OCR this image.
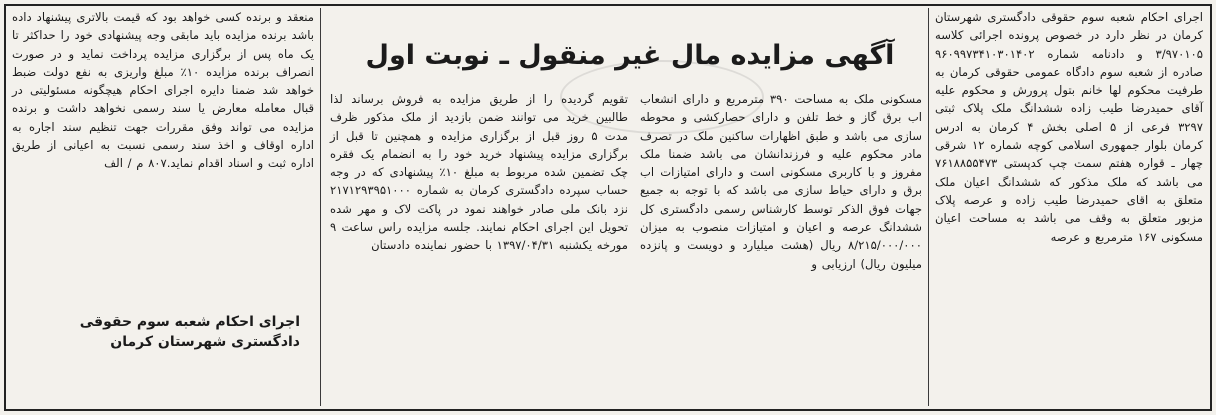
آگهی مزایده مال غیر منقول ـ نوبت اول

اجرای احکام شعبه سوم حقوقی دادگستری شهرستان کرمان در نظر دارد در خصوص پرونده اجرائی کلاسه ۳/۹۷۰۱۰۵ و دادنامه شماره ۹۶۰۹۹۷۳۴۱۰۳۰۱۴۰۲ صادره از شعبه سوم دادگاه عمومی حقوقی کرمان به طرفیت محکوم لها خانم بتول پرورش و محکوم علیه آقای حمیدرضا طیب زاده ششدانگ ملک پلاک ثبتی ۳۲۹۷ فرعی از ۵ اصلی بخش ۴ کرمان به ادرس کرمان بلوار جمهوری اسلامی کوچه شماره ۱۲ شرقی چهار ـ قواره هفتم سمت چپ کدپستی ۷۶۱۸۸۵۵۴۷۳ می باشد که ملک مذکور که ششدانگ اعیان ملک متعلق به اقای حمیدرضا طیب زاده و عرصه پلاک مزبور متعلق به وقف می باشد به مساحت اعیان مسکونی ۱۶۷ مترمربع و عرصه

مسکونی ملک به مساحت ۳۹۰ مترمربع و دارای انشعاب اب برق گاز و خط تلفن و دارای حصارکشی و محوطه سازی می باشد و طبق اظهارات ساکنین ملک در تصرف مادر محکوم علیه و فرزندانشان می باشد ضمنا ملک مفروز و با کاربری مسکونی است و دارای امتیازات اب برق و دارای حیاط سازی می باشد که با توجه به جمیع جهات فوق الذکر توسط کارشناس رسمی دادگستری کل ششدانگ عرصه و اعیان و امتیازات منصوب به میزان ۸/۲۱۵/۰۰۰/۰۰۰ ریال (هشت میلیارد و دویست و پانزده میلیون ریال) ارزیابی و

تقویم گردیده را از طریق مزایده به فروش برساند لذا طالبین خرید می توانند ضمن بازدید از ملک مذکور ظرف مدت ۵ روز قبل از برگزاری مزایده و همچنین تا قبل از برگزاری مزایده پیشنهاد خرید خود را به انضمام یک فقره چک تضمین شده مربوط به مبلغ ۱۰٪ پیشنهادی که در وجه حساب سپرده دادگستری کرمان به شماره ۲۱۷۱۲۹۳۹۵۱۰۰۰ نزد بانک ملی صادر خواهند نمود در پاکت لاک و مهر شده تحویل این اجرای احکام نمایند. جلسه مزایده راس ساعت ۹ مورخه یکشنبه ۱۳۹۷/۰۴/۳۱ با حضور نماینده دادستان

منعقد و برنده کسی خواهد بود که قیمت بالاتری پیشنهاد داده باشد برنده مزایده باید مابقی وجه پیشنهادی خود را حداکثر تا یک ماه پس از برگزاری مزایده پرداخت نماید و در صورت انصراف برنده مزایده ۱۰٪ مبلغ واریزی به نفع دولت ضبط خواهد شد ضمنا دایره اجرای احکام هیچگونه مسئولیتی در قبال معامله معارض یا سند رسمی نخواهد داشت و برنده مزایده می تواند وفق مقررات جهت تنظیم سند اجاره به اداره اوقاف و اخذ سند رسمی نسبت به اعیانی از طریق اداره ثبت و اسناد اقدام نماید.۸۰۷ م / الف

اجرای احکام شعبه سوم حقوقی
دادگستری شهرستان کرمان
